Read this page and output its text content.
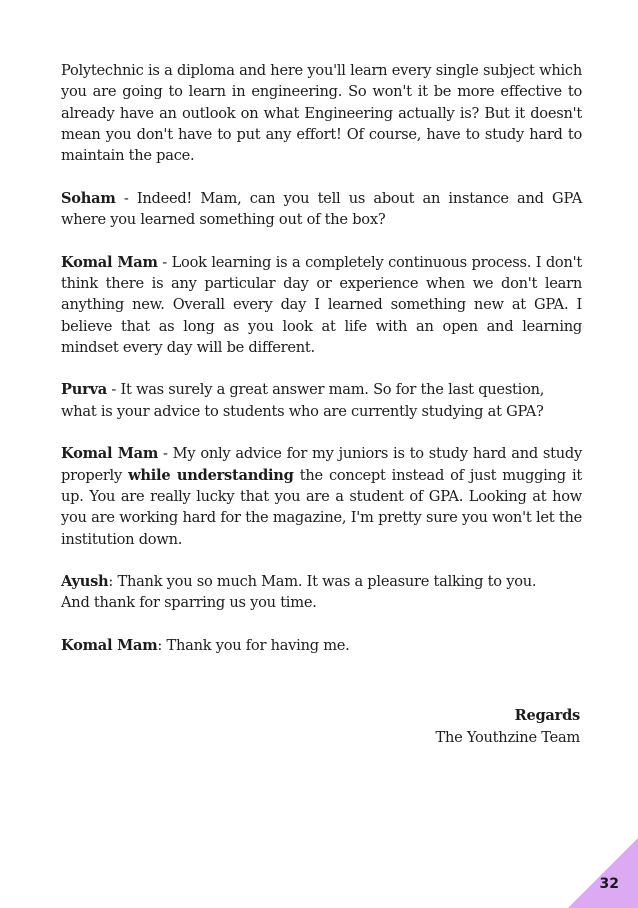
Polytechnic is a diploma and here you'll learn every single subject which you are going to learn in engineering. So won't it be more effective to already have an outlook on what Engineering actually is? But it doesn't mean you don't have to put any effort! Of course, have to study hard to maintain the pace.

Soham - Indeed! Mam, can you tell us about an instance and GPA where you learned something out of the box?

Komal Mam - Look learning is a completely continuous process. I don't think there is any particular day or experience when we don't learn anything new. Overall every day I learned something new at GPA. I believe that as long as you look at life with an open and learning mindset every day will be different.

Purva - It was surely a great answer mam. So for the last question,
what is your advice to students who are currently studying at GPA?

Komal Mam - My only advice for my juniors is to study hard and study properly while understanding the concept instead of just mugging it up. You are really lucky that you are a student of GPA. Looking at how you are working hard for the magazine, I'm pretty sure you won't let the institution down.

Ayush: Thank you so much Mam. It was a pleasure talking to you.
And thank for sparring us you time.

Komal Mam: Thank you for having me.

Regards
The Youthzine Team
32
